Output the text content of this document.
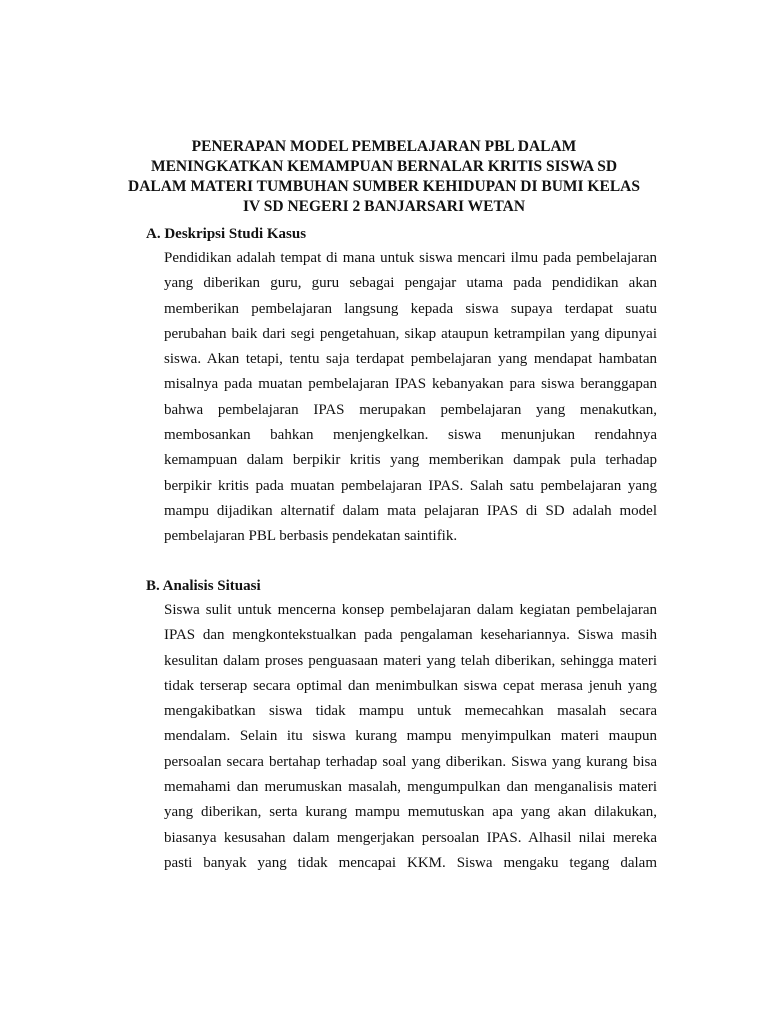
PENERAPAN MODEL PEMBELAJARAN PBL DALAM
MENINGKATKAN KEMAMPUAN BERNALAR KRITIS SISWA SD
DALAM MATERI TUMBUHAN SUMBER KEHIDUPAN DI BUMI KELAS
IV SD NEGERI 2 BANJARSARI WETAN
A. Deskripsi Studi Kasus
Pendidikan adalah tempat di mana untuk siswa mencari ilmu pada pembelajaran
yang diberikan guru, guru sebagai pengajar utama pada pendidikan akan
memberikan pembelajaran langsung kepada siswa supaya terdapat suatu
perubahan baik dari segi pengetahuan, sikap ataupun ketrampilan yang dipunyai
siswa. Akan tetapi, tentu saja terdapat pembelajaran yang mendapat hambatan
misalnya pada muatan pembelajaran IPAS kebanyakan para siswa beranggapan
bahwa pembelajaran IPAS merupakan pembelajaran yang menakutkan,
membosankan bahkan menjengkelkan. siswa menunjukan rendahnya
kemampuan dalam berpikir kritis yang memberikan dampak pula terhadap
berpikir kritis pada muatan pembelajaran IPAS. Salah satu pembelajaran yang
mampu dijadikan alternatif dalam mata pelajaran IPAS di SD adalah model
pembelajaran PBL berbasis pendekatan saintifik.
B. Analisis Situasi
Siswa sulit untuk mencerna konsep pembelajaran dalam kegiatan pembelajaran
IPAS dan mengkontekstualkan pada pengalaman kesehariannya. Siswa masih
kesulitan dalam proses penguasaan materi yang telah diberikan, sehingga materi
tidak terserap secara optimal dan menimbulkan siswa cepat merasa jenuh yang
mengakibatkan siswa tidak mampu untuk memecahkan masalah secara
mendalam. Selain itu siswa kurang mampu menyimpulkan materi maupun
persoalan secara bertahap terhadap soal yang diberikan. Siswa yang kurang bisa
memahami dan merumuskan masalah, mengumpulkan dan menganalisis materi
yang diberikan, serta kurang mampu memutuskan apa yang akan dilakukan,
biasanya kesusahan dalam mengerjakan persoalan IPAS. Alhasil nilai mereka
pasti banyak yang tidak mencapai KKM. Siswa mengaku tegang dalam
